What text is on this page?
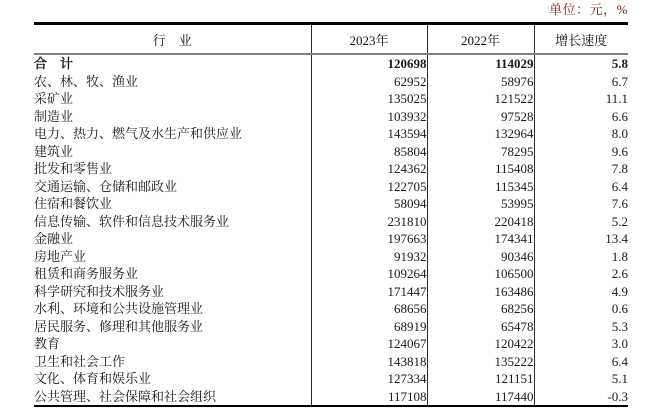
单位：元，%
行　业	2023年	2022年	增长速度
合　计	120698	114029	5.8
农、林、牧、渔业	62952	58976	6.7
采矿业	135025	121522	11.1
制造业	103932	97528	6.6
电力、热力、燃气及水生产和供应业	143594	132964	8.0
建筑业	85804	78295	9.6
批发和零售业	124362	115408	7.8
交通运输、仓储和邮政业	122705	115345	6.4
住宿和餐饮业	58094	53995	7.6
信息传输、软件和信息技术服务业	231810	220418	5.2
金融业	197663	174341	13.4
房地产业	91932	90346	1.8
租赁和商务服务业	109264	106500	2.6
科学研究和技术服务业	171447	163486	4.9
水利、环境和公共设施管理业	68656	68256	0.6
居民服务、修理和其他服务业	68919	65478	5.3
教育	124067	120422	3.0
卫生和社会工作	143818	135222	6.4
文化、体育和娱乐业	127334	121151	5.1
公共管理、社会保障和社会组织	117108	117440	-0.3
